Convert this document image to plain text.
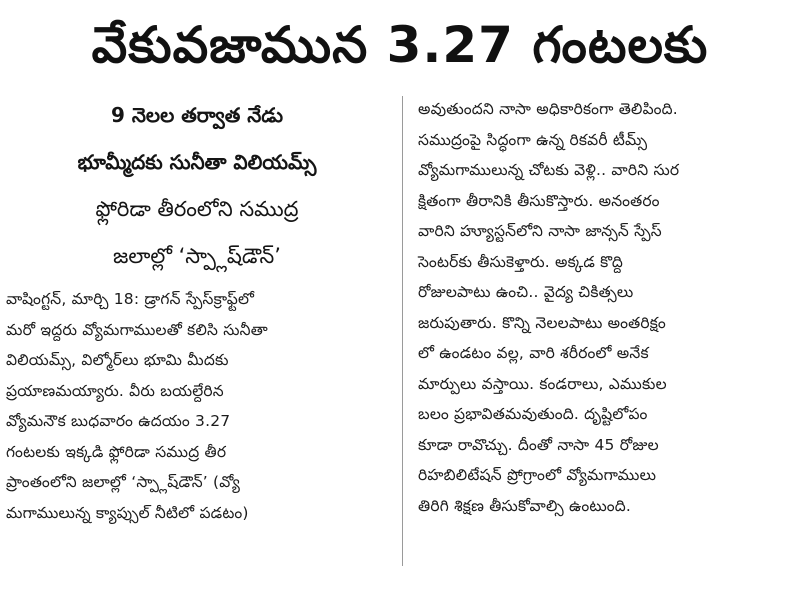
వేకువజామున 3.27 గంటలకు
9 నెలల తర్వాత నేడు
భూమ్మీదకు సునీతా విలియమ్స్
ఫ్లోరిడా తీరంలోని సముద్ర
జలాల్లో ‘స్ప్లాష్‌డౌన్’
వాషింగ్టన్, మార్చి 18: డ్రాగన్ స్పేస్‌క్రాఫ్ట్‌లో
మరో ఇద్దరు వ్యోమగాములతో కలిసి సునీతా
విలియమ్స్, విల్మోర్‌లు భూమి మీదకు
ప్రయాణమయ్యారు. వీరు బయల్దేరిన
వ్యోమనౌక బుధవారం ఉదయం 3.27
గంటలకు ఇక్కడి ఫ్లోరిడా సముద్ర తీర
ప్రాంతంలోని జలాల్లో ‘స్ప్లాష్‌డౌన్’ (వ్యో
మగాములున్న క్యాప్సుల్ నీటిలో పడటం)
అవుతుందని నాసా అధికారికంగా తెలిపింది.
సముద్రంపై సిద్ధంగా ఉన్న రికవరీ టీమ్స్
వ్యోమగాములున్న చోటకు వెళ్లి.. వారిని సుర
క్షితంగా తీరానికి తీసుకొస్తారు. అనంతరం
వారిని హ్యూస్టన్‌లోని నాసా జాన్సన్ స్పేస్
సెంటర్‌కు తీసుకెళ్తారు. అక్కడ కొద్ది
రోజులపాటు ఉంచి.. వైద్య చికిత్సలు
జరుపుతారు. కొన్ని నెలలపాటు అంతరిక్షం
లో ఉండటం వల్ల, వారి శరీరంలో అనేక
మార్పులు వస్తాయి. కండరాలు, ఎముకుల
బలం ప్రభావితమవుతుంది. దృష్టిలోపం
కూడా రావొచ్చు. దీంతో నాసా 45 రోజుల
రిహబిలిటేషన్ ప్రోగ్రాంలో వ్యోమగాములు
తిరిగి శిక్షణ తీసుకోవాల్సి ఉంటుంది.
